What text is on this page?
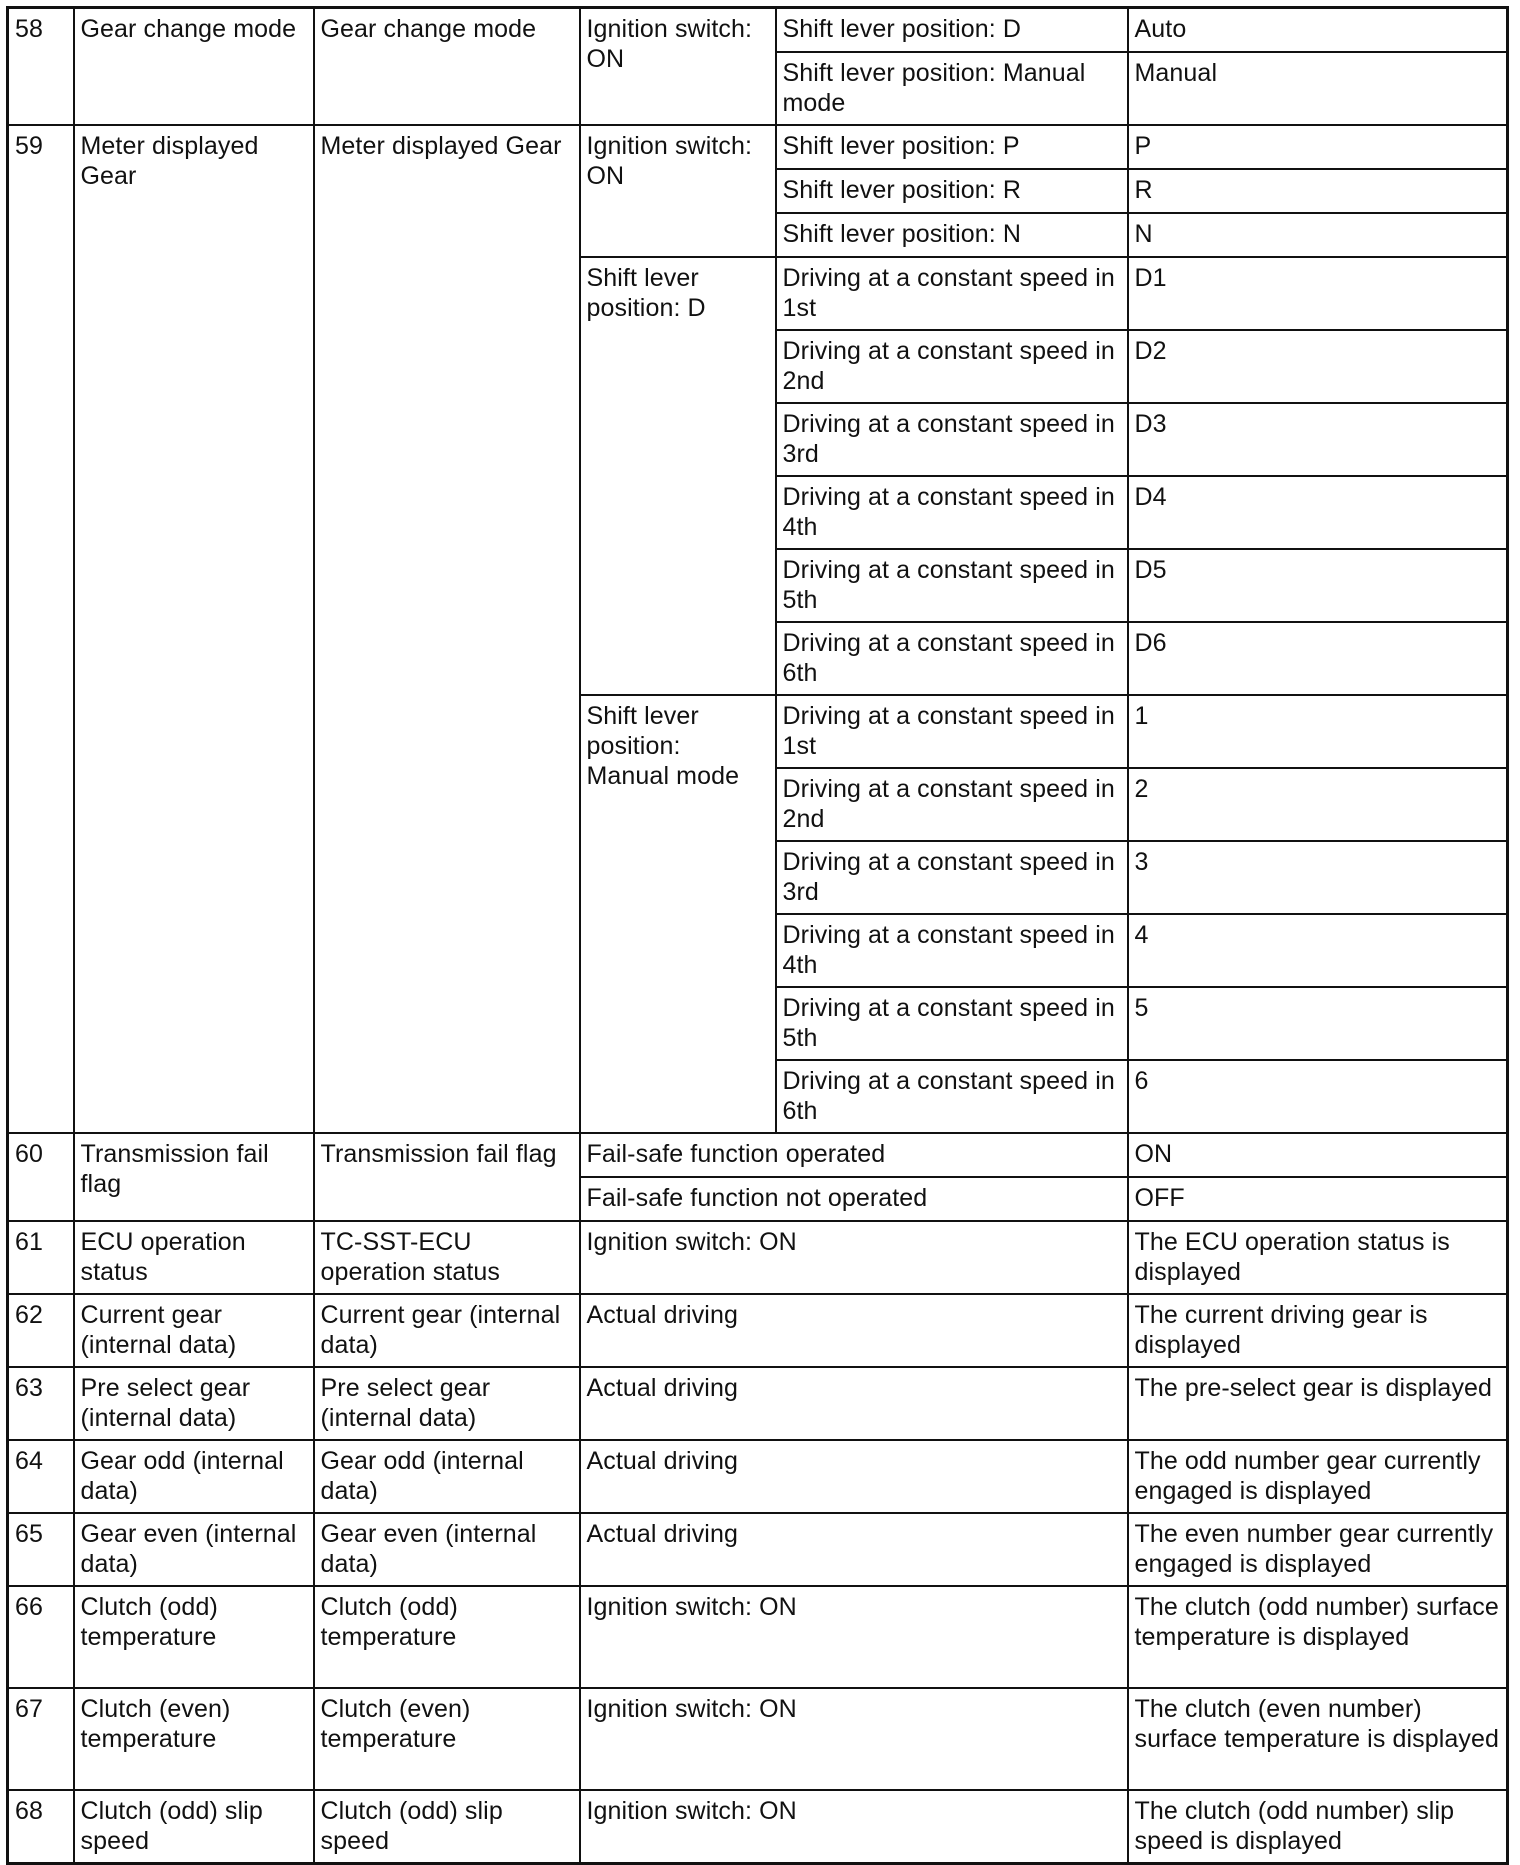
58	Gear change mode	Gear change mode	Ignition switch: ON	Shift lever position: D	Auto
				Shift lever position: Manual mode	Manual
59	Meter displayed Gear	Meter displayed Gear	Ignition switch: ON	Shift lever position: P	P
				Shift lever position: R	R
				Shift lever position: N	N
			Shift lever position: D	Driving at a constant speed in 1st	D1
				Driving at a constant speed in 2nd	D2
				Driving at a constant speed in 3rd	D3
				Driving at a constant speed in 4th	D4
				Driving at a constant speed in 5th	D5
				Driving at a constant speed in 6th	D6
			Shift lever position: Manual mode	Driving at a constant speed in 1st	1
				Driving at a constant speed in 2nd	2
				Driving at a constant speed in 3rd	3
				Driving at a constant speed in 4th	4
				Driving at a constant speed in 5th	5
				Driving at a constant speed in 6th	6
60	Transmission fail flag	Transmission fail flag	Fail-safe function operated		ON
			Fail-safe function not operated		OFF
61	ECU operation status	TC-SST-ECU operation status	Ignition switch: ON		The ECU operation status is displayed
62	Current gear (internal data)	Current gear (internal data)	Actual driving		The current driving gear is displayed
63	Pre select gear (internal data)	Pre select gear (internal data)	Actual driving		The pre-select gear is displayed
64	Gear odd (internal data)	Gear odd (internal data)	Actual driving		The odd number gear currently engaged is displayed
65	Gear even (internal data)	Gear even (internal data)	Actual driving		The even number gear currently engaged is displayed
66	Clutch (odd) temperature	Clutch (odd) temperature	Ignition switch: ON		The clutch (odd number) surface temperature is displayed
67	Clutch (even) temperature	Clutch (even) temperature	Ignition switch: ON		The clutch (even number) surface temperature is displayed
68	Clutch (odd) slip speed	Clutch (odd) slip speed	Ignition switch: ON		The clutch (odd number) slip speed is displayed
